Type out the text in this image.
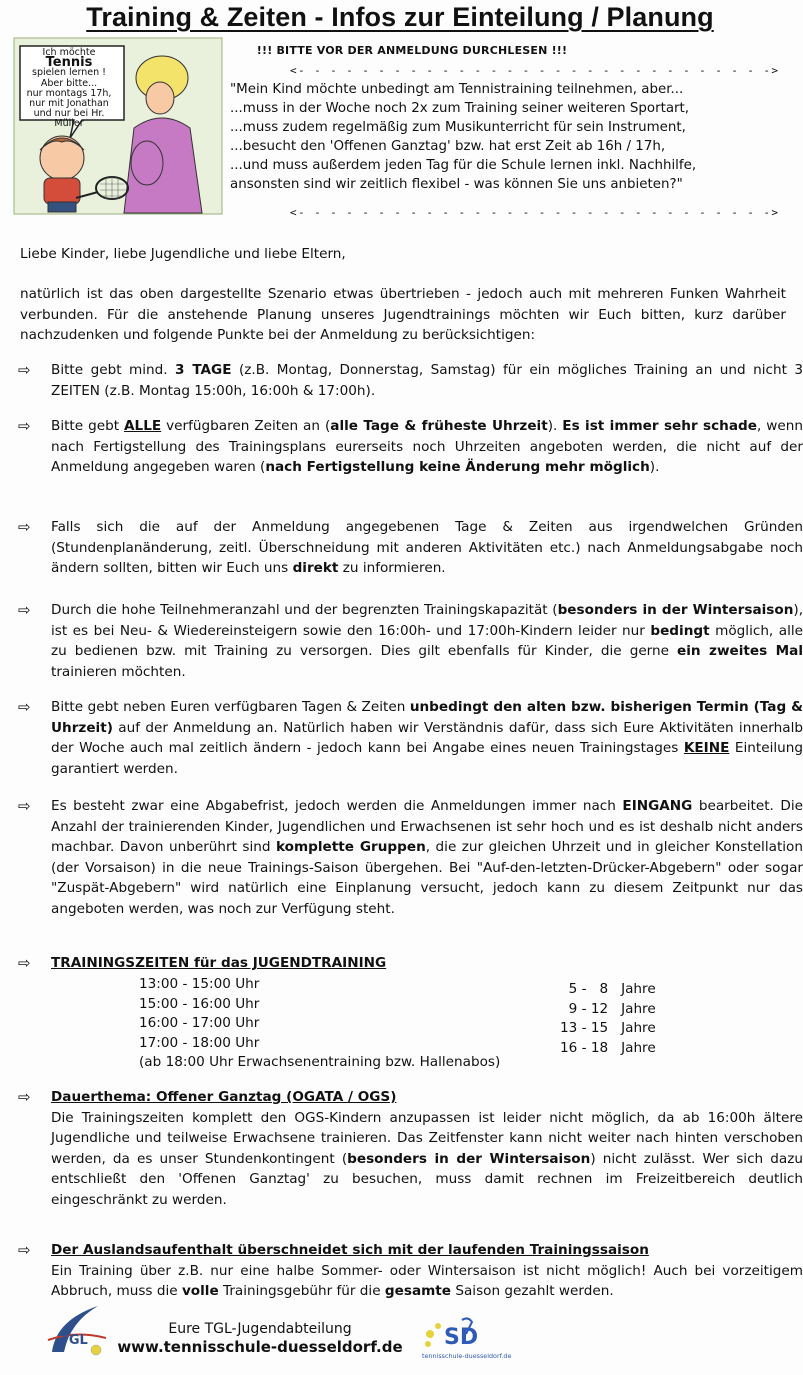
Training & Zeiten - Infos zur Einteilung / Planung
Ich möchte
Tennis
spielen lernen !
Aber bitte...
nur montags 17h,
nur mit Jonathan
und nur bei Hr. Müller
!!! BITTE VOR DER ANMELDUNG DURCHLESEN !!!
<- - - - - - - - - - - - - - - - - - - - - - - - - - - - - ->
"Mein Kind möchte unbedingt am Tennistraining teilnehmen, aber...
...muss in der Woche noch 2x zum Training seiner weiteren Sportart,
...muss zudem regelmäßig zum Musikunterricht für sein Instrument,
...besucht den 'Offenen Ganztag' bzw. hat erst Zeit ab 16h / 17h,
...und muss außerdem jeden Tag für die Schule lernen inkl. Nachhilfe,
ansonsten sind wir zeitlich flexibel - was können Sie uns anbieten?"
<- - - - - - - - - - - - - - - - - - - - - - - - - - - - - ->
Liebe Kinder, liebe Jugendliche und liebe Eltern,
natürlich ist das oben dargestellte Szenario etwas übertrieben - jedoch auch mit mehreren Funken Wahrheit verbunden. Für die anstehende Planung unseres Jugendtrainings möchten wir Euch bitten, kurz darüber nachzudenken und folgende Punkte bei der Anmeldung zu berücksichtigen:
⇨ Bitte gebt mind. 3 TAGE (z.B. Montag, Donnerstag, Samstag) für ein mögliches Training an und nicht 3 ZEITEN (z.B. Montag 15:00h, 16:00h & 17:00h).
⇨ Bitte gebt ALLE verfügbaren Zeiten an (alle Tage & früheste Uhrzeit). Es ist immer sehr schade, wenn nach Fertigstellung des Trainingsplans eurerseits noch Uhrzeiten angeboten werden, die nicht auf der Anmeldung angegeben waren (nach Fertigstellung keine Änderung mehr möglich).
⇨ Falls sich die auf der Anmeldung angegebenen Tage & Zeiten aus irgendwelchen Gründen (Stundenplanänderung, zeitl. Überschneidung mit anderen Aktivitäten etc.) nach Anmeldungsabgabe noch ändern sollten, bitten wir Euch uns direkt zu informieren.
⇨ Durch die hohe Teilnehmeranzahl und der begrenzten Trainingskapazität (besonders in der Wintersaison), ist es bei Neu- & Wiedereinsteigern sowie den 16:00h- und 17:00h-Kindern leider nur bedingt möglich, alle zu bedienen bzw. mit Training zu versorgen. Dies gilt ebenfalls für Kinder, die gerne ein zweites Mal trainieren möchten.
⇨ Bitte gebt neben Euren verfügbaren Tagen & Zeiten unbedingt den alten bzw. bisherigen Termin (Tag & Uhrzeit) auf der Anmeldung an. Natürlich haben wir Verständnis dafür, dass sich Eure Aktivitäten innerhalb der Woche auch mal zeitlich ändern - jedoch kann bei Angabe eines neuen Trainingstages KEINE Einteilung garantiert werden.
⇨ Es besteht zwar eine Abgabefrist, jedoch werden die Anmeldungen immer nach EINGANG bearbeitet. Die Anzahl der trainierenden Kinder, Jugendlichen und Erwachsenen ist sehr hoch und es ist deshalb nicht anders machbar. Davon unberührt sind komplette Gruppen, die zur gleichen Uhrzeit und in gleicher Konstellation (der Vorsaison) in die neue Trainings-Saison übergehen. Bei "Auf-den-letzten-Drücker-Abgebern" oder sogar "Zuspät-Abgebern" wird natürlich eine Einplanung versucht, jedoch kann zu diesem Zeitpunkt nur das angeboten werden, was noch zur Verfügung steht.
⇨ TRAININGSZEITEN für das JUGENDTRAINING
13:00 - 15:00 Uhr
15:00 - 16:00 Uhr
16:00 - 17:00 Uhr
17:00 - 18:00 Uhr
(ab 18:00 Uhr Erwachsenentraining bzw. Hallenabos)
5 -   8   Jahre
9 - 12   Jahre
13 - 15   Jahre
16 - 18   Jahre
⇨ Dauerthema: Offener Ganztag (OGATA / OGS)
Die Trainingszeiten komplett den OGS-Kindern anzupassen ist leider nicht möglich, da ab 16:00h ältere Jugendliche und teilweise Erwachsene trainieren. Das Zeitfenster kann nicht weiter nach hinten verschoben werden, da es unser Stundenkontingent (besonders in der Wintersaison) nicht zulässt. Wer sich dazu entschließt den 'Offenen Ganztag' zu besuchen, muss damit rechnen im Freizeitbereich deutlich eingeschränkt zu werden.
⇨ Der Auslandsaufenthalt überschneidet sich mit der laufenden Trainingssaison
Ein Training über z.B. nur eine halbe Sommer- oder Wintersaison ist nicht möglich! Auch bei vorzeitigem Abbruch, muss die volle Trainingsgebühr für die gesamte Saison gezahlt werden.
TGL
Eure TGL-Jugendabteilung
www.tennisschule-duesseldorf.de	SD
tennisschule-duesseldorf.de
